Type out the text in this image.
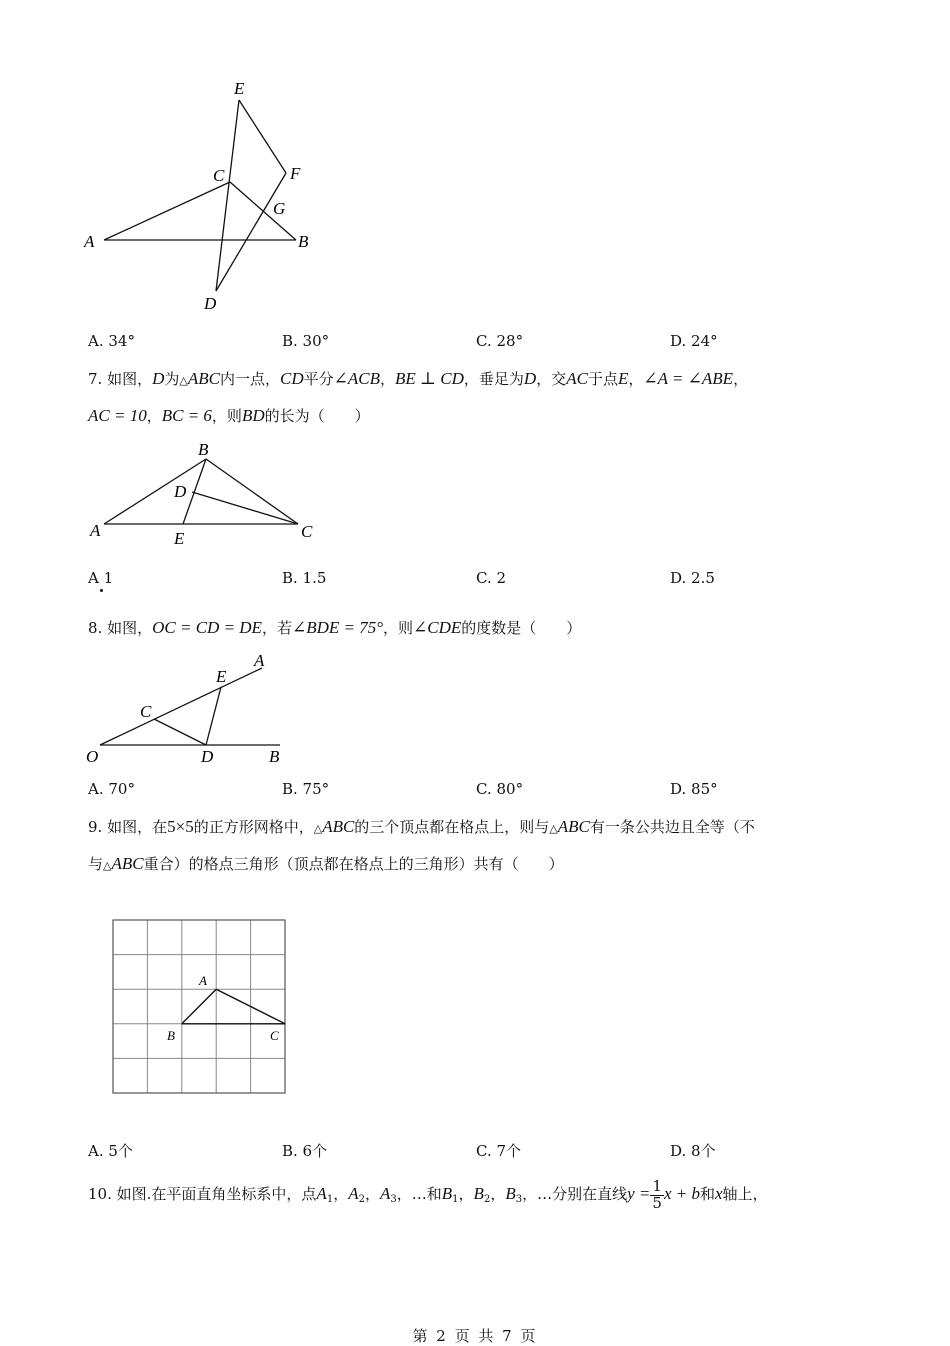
A	B
C
D
E
F
G
A. 34°	B. 30°	C. 28°	D. 24°
7. 如图，D为△ABC内一点，CD平分∠ACB，BE ⊥ CD，垂足为D，交AC于点E，∠A = ∠ABE，
AC = 10，BC = 6，则BD的长为（　　）
A
B
C
D
E
A 1	B. 1.5	C. 2	D. 2.5
8. 如图，OC = CD = DE，若∠BDE = 75°，则∠CDE的度数是（　　）
O
A
B
C
D
E
A. 70°	B. 75°	C. 80°	D. 85°
9. 如图，在5×5的正方形网格中，△ABC的三个顶点都在格点上，则与△ABC有一条公共边且全等（不
与△ABC重合）的格点三角形（顶点都在格点上的三角形）共有（　　）
A
B	C
A. 5个	B. 6个	C. 7个	D. 8个
10. 如图.在平面直角坐标系中，点$A_1$，$A_2$，$A_3$，…和$B_1$，$B_2$，$B_3$，…分别在直线$y = \frac{1}{5}$ x + b和x轴上，
第 2 页 共 7 页
